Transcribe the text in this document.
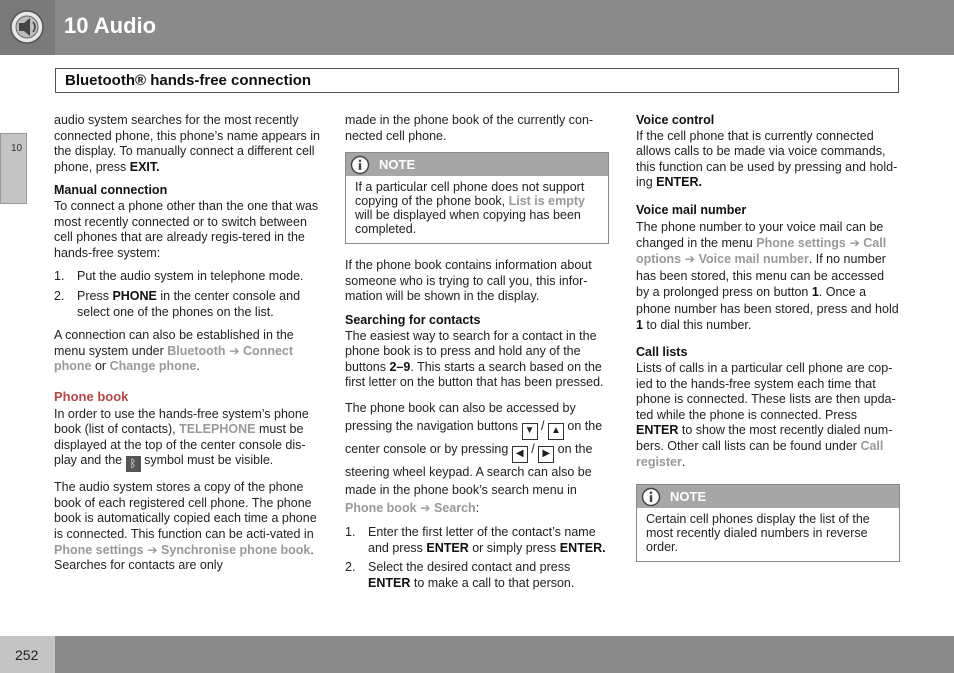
10 Audio
Bluetooth® hands-free connection
10

audio system searches for the most recently connected phone, this phone’s name appears in the display. To manually connect a different cell phone, press EXIT.

Manual connection

To connect a phone other than the one that was most recently connected or to switch between cell phones that are already regis-tered in the hands-free system:

1. Put the audio system in telephone mode.
2. Press PHONE in the center console and select one of the phones on the list.

A connection can also be established in the menu system under Bluetooth ➔ Connect phone or Change phone.

Phone book

In order to use the hands-free system’s phone book (list of contacts), TELEPHONE must be displayed at the top of the center console dis-play and the ᛒ symbol must be visible.

The audio system stores a copy of the phone book of each registered cell phone. The phone book is automatically copied each time a phone is connected. This function can be acti-vated in Phone settings ➔ Synchronise phone book. Searches for contacts are only

made in the phone book of the currently con-nected cell phone.

NOTE
If a particular cell phone does not support copying of the phone book, List is empty will be displayed when copying has been completed.

If the phone book contains information about someone who is trying to call you, this infor-mation will be shown in the display.

Searching for contacts

The easiest way to search for a contact in the phone book is to press and hold any of the buttons 2–9. This starts a search based on the first letter on the button that has been pressed.

The phone book can also be accessed by pressing the navigation buttons ▼ / ▲ on the center console or by pressing ◀ / ▶ on the steering wheel keypad. A search can also be made in the phone book’s search menu in Phone book ➔ Search:

1. Enter the first letter of the contact’s name and press ENTER or simply press ENTER.
2. Select the desired contact and press ENTER to make a call to that person.
Voice control

If the cell phone that is currently connected allows calls to be made via voice commands, this function can be used by pressing and hold-ing ENTER.

Voice mail number

The phone number to your voice mail can be changed in the menu Phone settings ➔ Call options ➔ Voice mail number. If no number has been stored, this menu can be accessed by a prolonged press on button 1. Once a phone number has been stored, press and hold 1 to dial this number.

Call lists

Lists of calls in a particular cell phone are cop-ied to the hands-free system each time that phone is connected. These lists are then upda-ted while the phone is connected. Press ENTER to show the most recently dialed num-bers. Other call lists can be found under Call register.

NOTE
Certain cell phones display the list of the most recently dialed numbers in reverse order.
252
